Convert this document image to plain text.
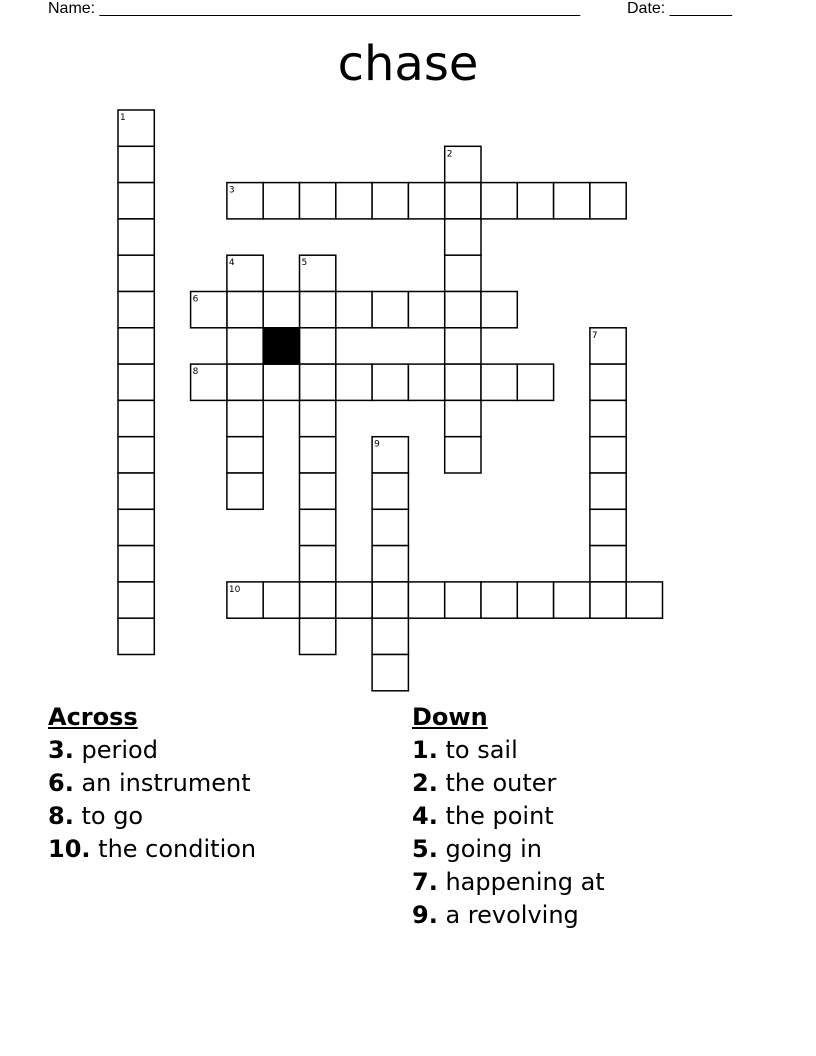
Name: ______________________________________________________	Date: _______
chase
1
2
3
4	5
6
7
8
9
10
Across
3. period
6. an instrument
8. to go
10. the condition
Down
1. to sail
2. the outer
4. the point
5. going in
7. happening at
9. a revolving
